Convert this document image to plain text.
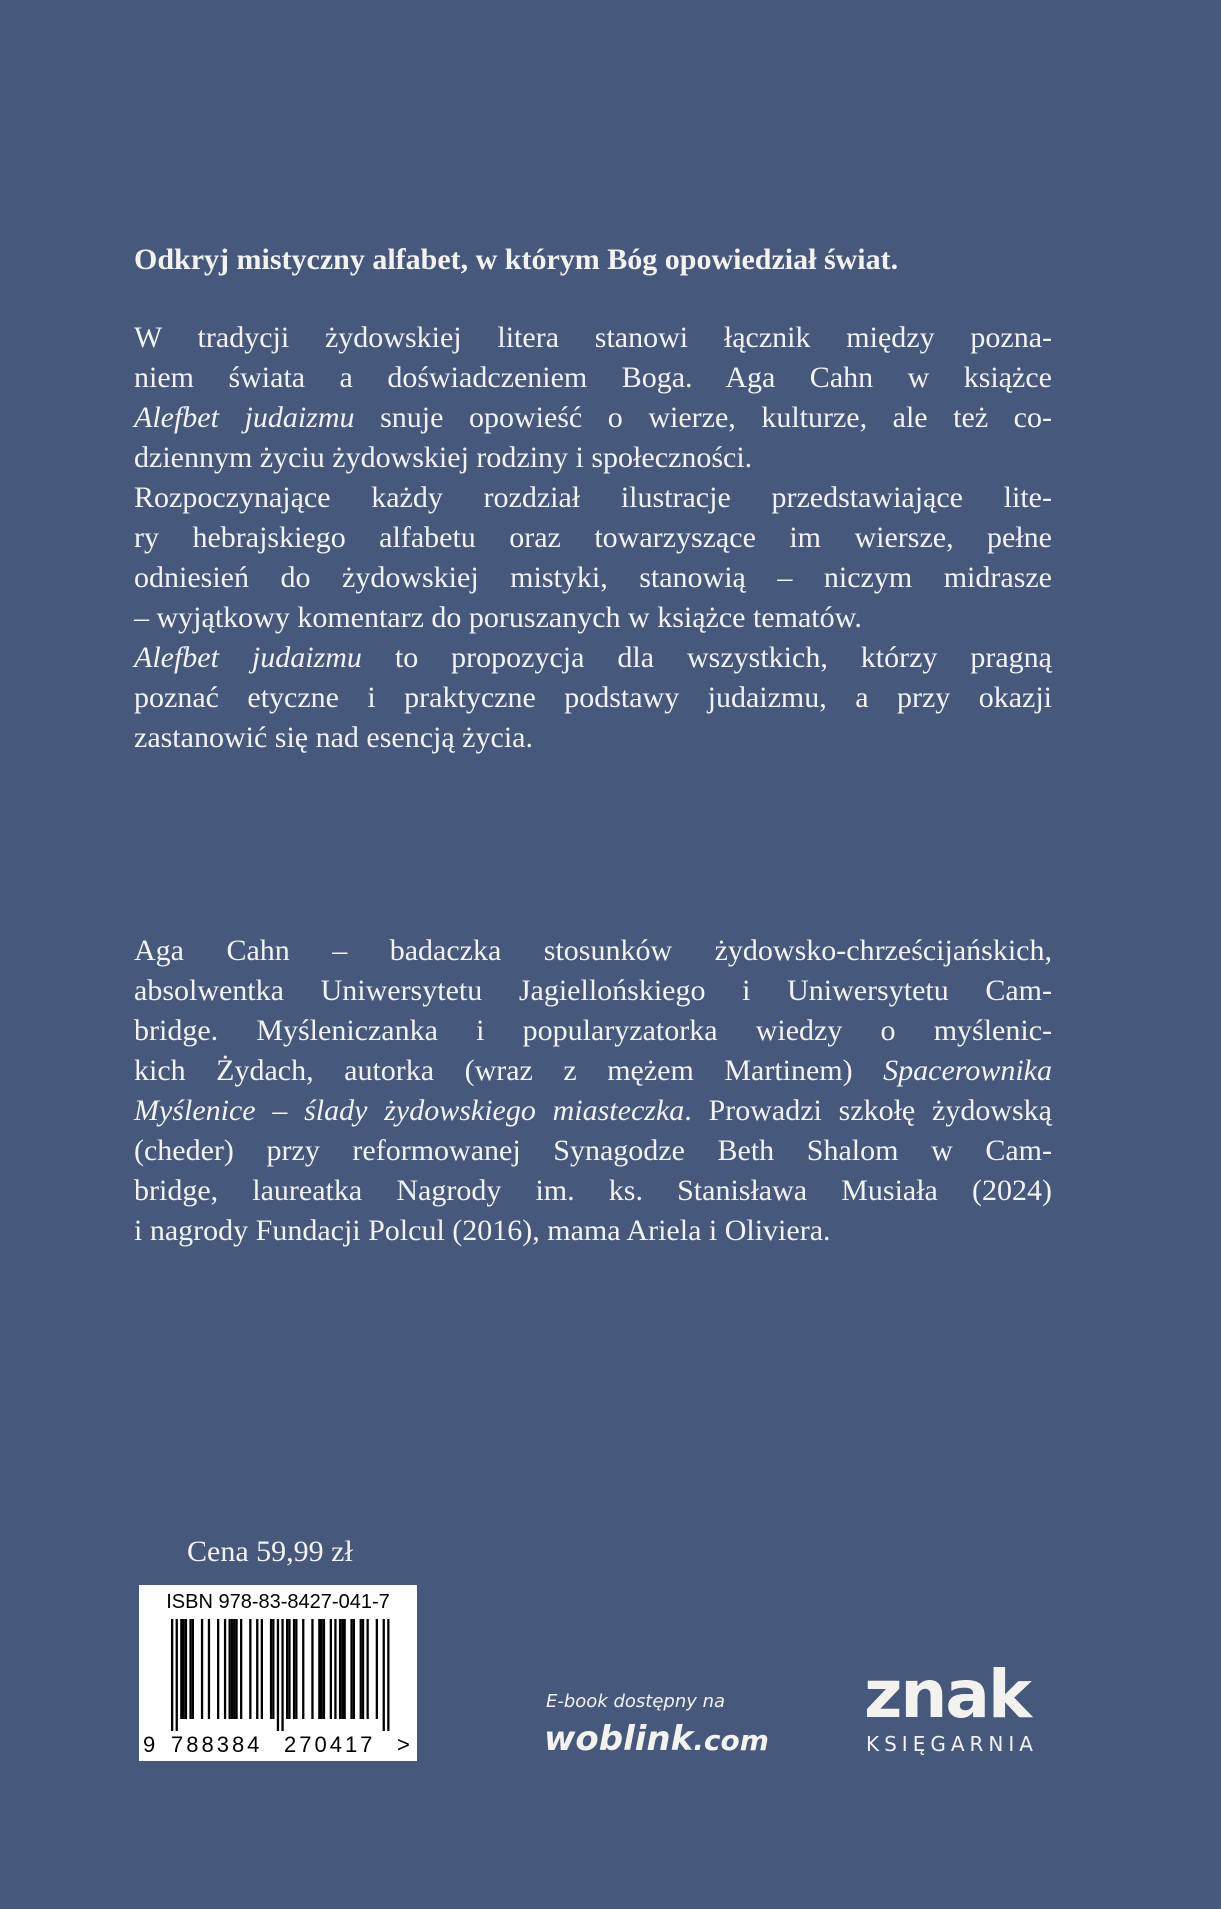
Odkryj mistyczny alfabet, w którym Bóg opowiedział świat.
W tradycji żydowskiej litera stanowi łącznik między pozna-
niem świata a doświadczeniem Boga. Aga Cahn w książce
Alefbet judaizmu snuje opowieść o wierze, kulturze, ale też co-
dziennym życiu żydowskiej rodziny i społeczności.
Rozpoczynające każdy rozdział ilustracje przedstawiające lite-
ry hebrajskiego alfabetu oraz towarzyszące im wiersze, pełne
odniesień do żydowskiej mistyki, stanowią – niczym midrasze
– wyjątkowy komentarz do poruszanych w książce tematów.
Alefbet judaizmu to propozycja dla wszystkich, którzy pragną
poznać etyczne i praktyczne podstawy judaizmu, a przy okazji
zastanowić się nad esencją życia.
Aga Cahn – badaczka stosunków żydowsko-chrześcijańskich,
absolwentka Uniwersytetu Jagiellońskiego i Uniwersytetu Cam-
bridge. Myśleniczanka i popularyzatorka wiedzy o myślenic-
kich Żydach, autorka (wraz z mężem Martinem) Spacerownika
Myślenice – ślady żydowskiego miasteczka. Prowadzi szkołę żydowską
(cheder) przy reformowanej Synagodze Beth Shalom w Cam-
bridge, laureatka Nagrody im. ks. Stanisława Musiała (2024)
i nagrody Fundacji Polcul (2016), mama Ariela i Oliviera.
Cena 59,99 zł
ISBN 978-83-8427-041-7
9 788384 270417 >
E-book dostępny na
woblink.com
znak
KSIĘGARNIA
